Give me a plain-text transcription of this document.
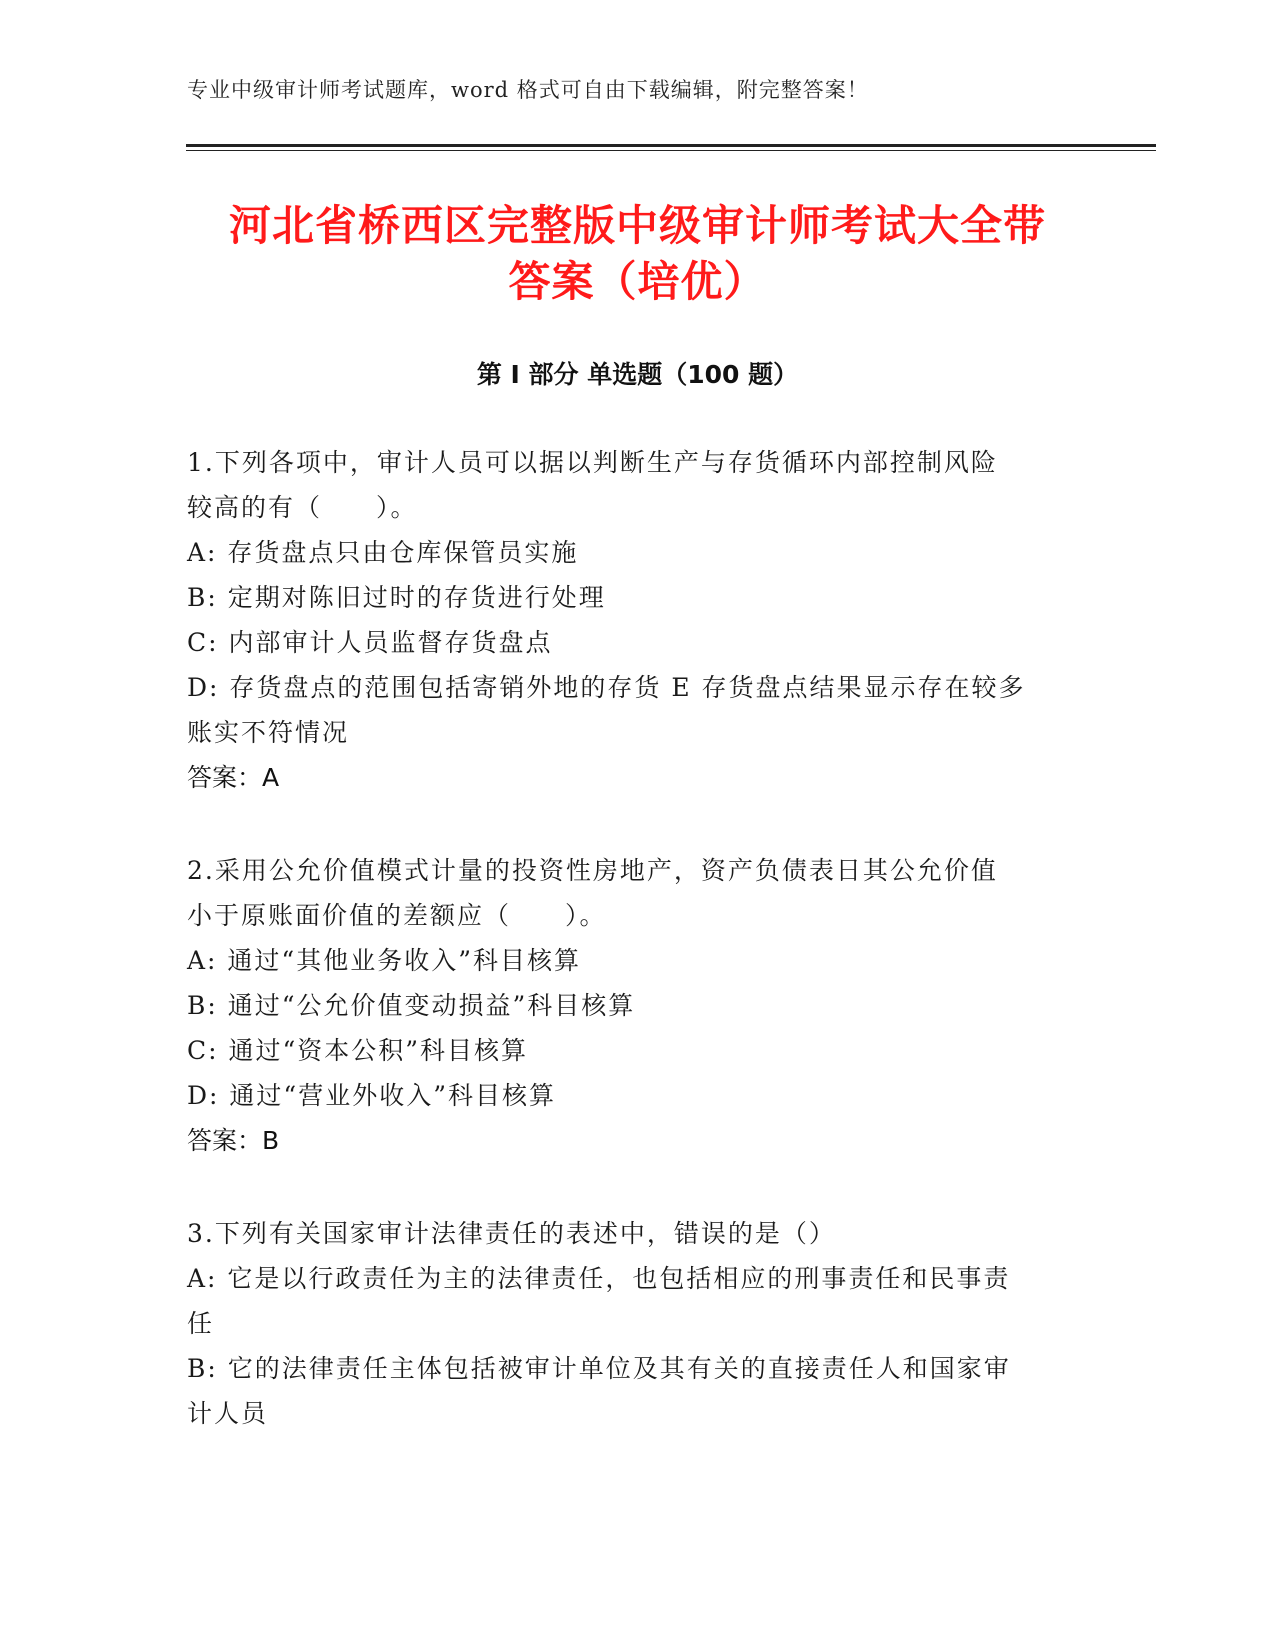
专业中级审计师考试题库，word 格式可自由下载编辑，附完整答案！
河北省桥西区完整版中级审计师考试大全带
答案（培优）
第 I 部分 单选题（100 题）

1.下列各项中，审计人员可以据以判断生产与存货循环内部控制风险

较高的有（　　）。

A: 存货盘点只由仓库保管员实施

B: 定期对陈旧过时的存货进行处理

C: 内部审计人员监督存货盘点

D: 存货盘点的范围包括寄销外地的存货 E 存货盘点结果显示存在较多

账实不符情况

答案：A

2.采用公允价值模式计量的投资性房地产，资产负债表日其公允价值

小于原账面价值的差额应（　　）。

A: 通过“其他业务收入”科目核算

B: 通过“公允价值变动损益”科目核算

C: 通过“资本公积”科目核算

D: 通过“营业外收入”科目核算

答案：B

3.下列有关国家审计法律责任的表述中，错误的是（）

A: 它是以行政责任为主的法律责任，也包括相应的刑事责任和民事责

任

B: 它的法律责任主体包括被审计单位及其有关的直接责任人和国家审

计人员
